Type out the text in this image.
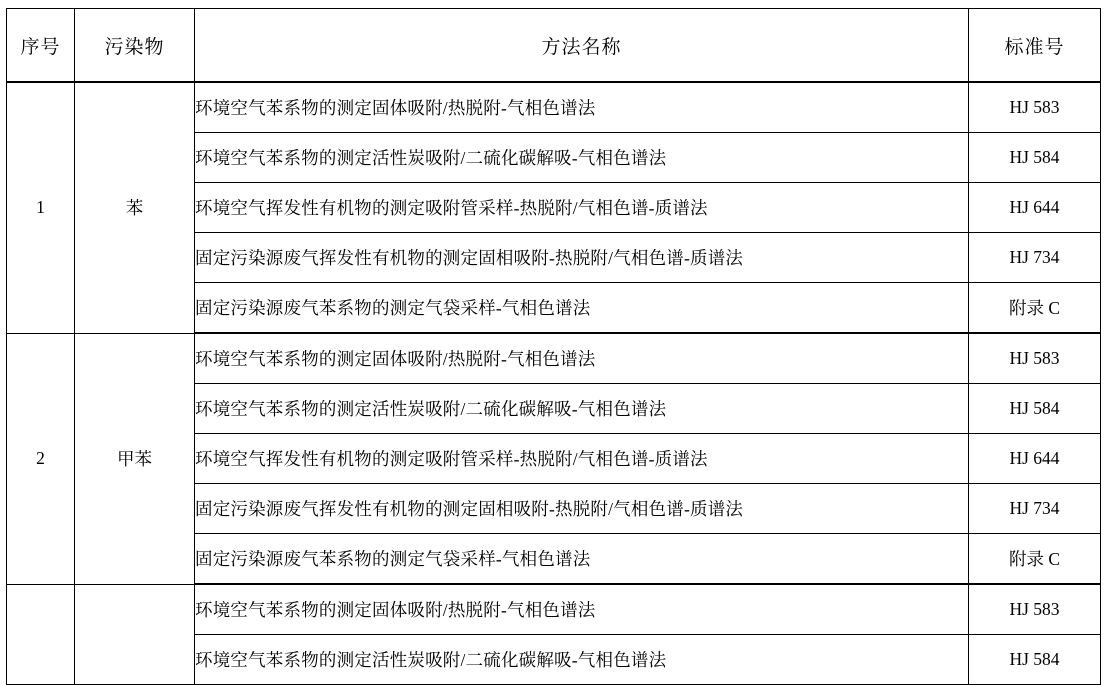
序号	污染物	方法名称	标准号
1	苯	环境空气苯系物的测定固体吸附/热脱附-气相色谱法	HJ 583
		环境空气苯系物的测定活性炭吸附/二硫化碳解吸-气相色谱法	HJ 584
		环境空气挥发性有机物的测定吸附管采样-热脱附/气相色谱-质谱法	HJ 644
		固定污染源废气挥发性有机物的测定固相吸附-热脱附/气相色谱-质谱法	HJ 734
		固定污染源废气苯系物的测定气袋采样-气相色谱法	附录 C
2	甲苯	环境空气苯系物的测定固体吸附/热脱附-气相色谱法	HJ 583
		环境空气苯系物的测定活性炭吸附/二硫化碳解吸-气相色谱法	HJ 584
		环境空气挥发性有机物的测定吸附管采样-热脱附/气相色谱-质谱法	HJ 644
		固定污染源废气挥发性有机物的测定固相吸附-热脱附/气相色谱-质谱法	HJ 734
		固定污染源废气苯系物的测定气袋采样-气相色谱法	附录 C
		环境空气苯系物的测定固体吸附/热脱附-气相色谱法	HJ 583
		环境空气苯系物的测定活性炭吸附/二硫化碳解吸-气相色谱法	HJ 584
